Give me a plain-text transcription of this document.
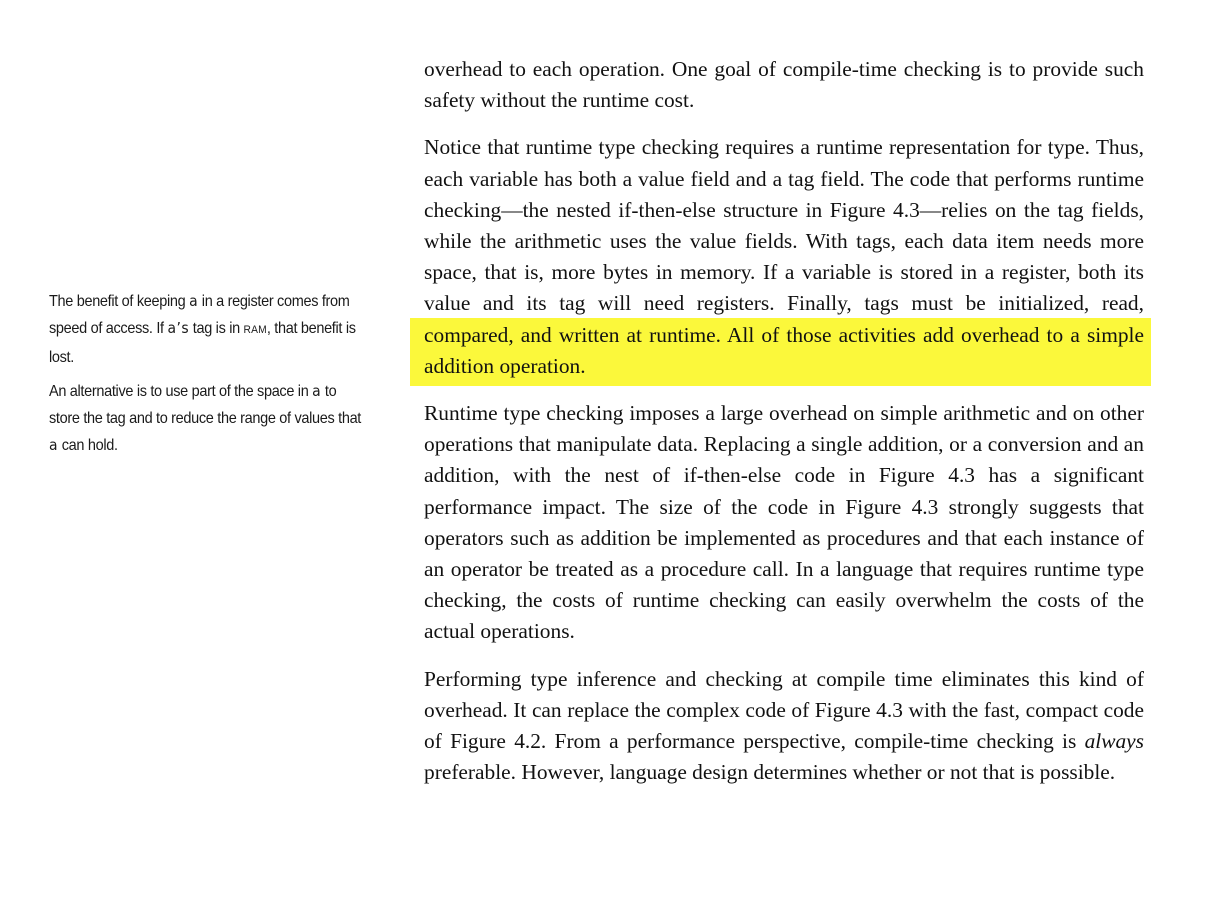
overhead to each operation. One goal of compile-time checking is to provide such safety without the runtime cost.

Notice that runtime type checking requires a runtime representation for type. Thus, each variable has both a value field and a tag field. The code that performs runtime checking—the nested if-then-else structure in Figure 4.3—relies on the tag fields, while the arithmetic uses the value fields. With tags, each data item needs more space, that is, more bytes in memory. If a variable is stored in a register, both its value and its tag will need registers. Finally, tags must be initialized, read, compared, and written at runtime. All of those activities add overhead to a simple addition operation.

Runtime type checking imposes a large overhead on simple arithmetic and on other operations that manipulate data. Replacing a single addition, or a conversion and an addition, with the nest of if-then-else code in Figure 4.3 has a significant performance impact. The size of the code in Figure 4.3 strongly suggests that operators such as addition be implemented as procedures and that each instance of an operator be treated as a procedure call. In a language that requires runtime type checking, the costs of runtime checking can easily overwhelm the costs of the actual operations.

Performing type inference and checking at compile time eliminates this kind of overhead. It can replace the complex code of Figure 4.3 with the fast, compact code of Figure 4.2. From a performance perspective, compile-time checking is always preferable. However, language design determines whether or not that is possible.

The benefit of keeping a in a register comes from speed of access. If a’s tag is in RAM, that benefit is lost.

An alternative is to use part of the space in a to store the tag and to reduce the range of values that a can hold.
